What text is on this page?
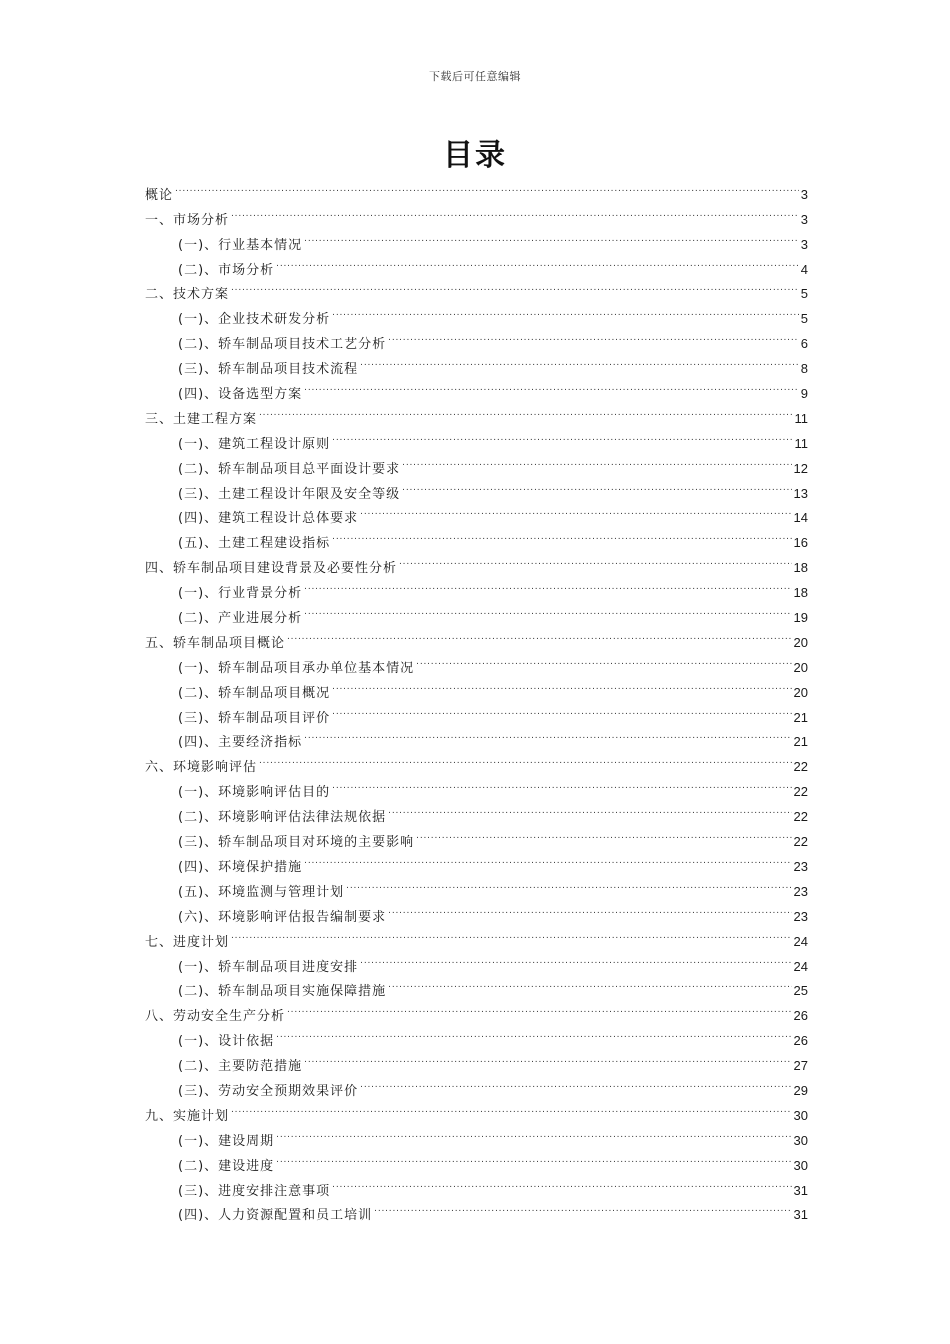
下载后可任意编辑
目录
概论 .....	3
一、市场分析 .....	3
(一)、行业基本情况 .....	3
(二)、市场分析 .....	4
二、技术方案 .....	5
(一)、企业技术研发分析 .....	5
(二)、轿车制品项目技术工艺分析 .....	6
(三)、轿车制品项目技术流程 .....	8
(四)、设备选型方案 .....	9
三、土建工程方案 .....	11
(一)、建筑工程设计原则 .....	11
(二)、轿车制品项目总平面设计要求 .....	12
(三)、土建工程设计年限及安全等级 .....	13
(四)、建筑工程设计总体要求 .....	14
(五)、土建工程建设指标 .....	16
四、轿车制品项目建设背景及必要性分析 .....	18
(一)、行业背景分析 .....	18
(二)、产业进展分析 .....	19
五、轿车制品项目概论 .....	20
(一)、轿车制品项目承办单位基本情况 .....	20
(二)、轿车制品项目概况 .....	20
(三)、轿车制品项目评价 .....	21
(四)、主要经济指标 .....	21
六、环境影响评估 .....	22
(一)、环境影响评估目的 .....	22
(二)、环境影响评估法律法规依据 .....	22
(三)、轿车制品项目对环境的主要影响 .....	22
(四)、环境保护措施 .....	23
(五)、环境监测与管理计划 .....	23
(六)、环境影响评估报告编制要求 .....	23
七、进度计划 .....	24
(一)、轿车制品项目进度安排 .....	24
(二)、轿车制品项目实施保障措施 .....	25
八、劳动安全生产分析 .....	26
(一)、设计依据 .....	26
(二)、主要防范措施 .....	27
(三)、劳动安全预期效果评价 .....	29
九、实施计划 .....	30
(一)、建设周期 .....	30
(二)、建设进度 .....	30
(三)、进度安排注意事项 .....	31
(四)、人力资源配置和员工培训 .....	31
